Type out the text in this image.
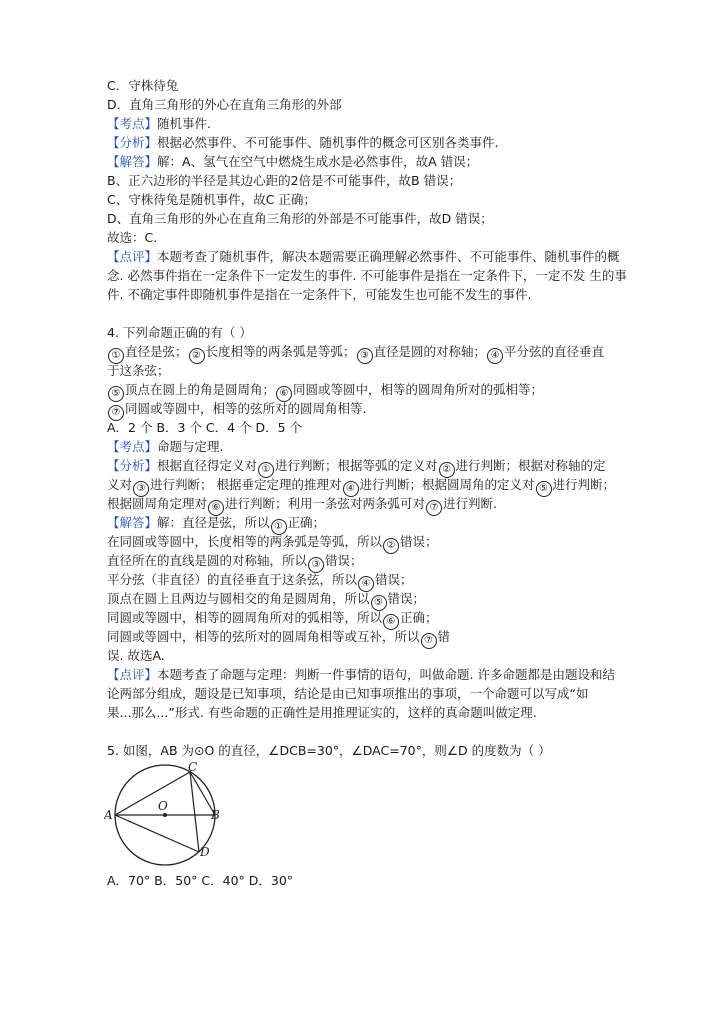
C．守株待兔
D．直角三角形的外心在直角三角形的外部
【考点】随机事件.
【分析】根据必然事件、不可能事件、随机事件的概念可区别各类事件.
【解答】解：A、氢气在空气中燃烧生成水是必然事件，故A 错误；
B、正六边形的半径是其边心距的2倍是不可能事件，故B 错误；
C、守株待兔是随机事件，故C 正确；
D、直角三角形的外心在直角三角形的外部是不可能事件，故D 错误；
故选：C.
【点评】本题考查了随机事件，解决本题需要正确理解必然事件、不可能事件、随机事件的概
念. 必然事件指在一定条件下一定发生的事件. 不可能事件是指在一定条件下，一定不发 生的事
件. 不确定事件即随机事件是指在一定条件下，可能发生也可能不发生的事件.
4. 下列命题正确的有（ ）
① 直径是弦； ② 长度相等的两条弧是等弧； ③ 直径是圆的对称轴； ④ 平分弦的直径垂直
于这条弦；
⑤ 顶点在圆上的角是圆周角； ⑥ 同圆或等圆中，相等的圆周角所对的弧相等；
⑦ 同圆或等圆中，相等的弦所对的圆周角相等.
A．2 个 B．3 个 C．4 个 D．5 个
【考点】命题与定理.
【分析】根据直径得定义对 ① 进行判断；根据等弧的定义对 ② 进行判断；根据对称轴的定
义对 ③ 进行判断； 根据垂定定理的推理对 ④ 进行判断；根据圆周角的定义对 ⑤ 进行判断；
根据圆周角定理对 ⑥ 进行判断；利用一条弦对两条弧可对 ⑦ 进行判断.
【解答】解：直径是弦，所以 ① 正确；
在同圆或等圆中，长度相等的两条弧是等弧，所以 ② 错误；
直径所在的直线是圆的对称轴，所以 ③ 错误；
平分弦（非直径）的直径垂直于这条弦，所以 ④ 错误；
顶点在圆上且两边与圆相交的角是圆周角，所以 ⑤ 错误；
同圆或等圆中，相等的圆周角所对的弧相等，所以 ⑥ 正确；
同圆或等圆中，相等的弦所对的圆周角相等或互补，所以 ⑦ 错
误. 故选A.
【点评】本题考查了命题与定理：判断一件事情的语句，叫做命题. 许多命题都是由题设和结
论两部分组成，题设是已知事项，结论是由已知事项推出的事项，一个命题可以写成“如
果...那么...”形式. 有些命题的正确性是用推理证实的，这样的真命题叫做定理.
5. 如图，AB 为⊙O 的直径，∠DCB=30°，∠DAC=70°，则∠D 的度数为（ ）
A	B
C
D
O
A．70° B．50° C．40° D．30°
